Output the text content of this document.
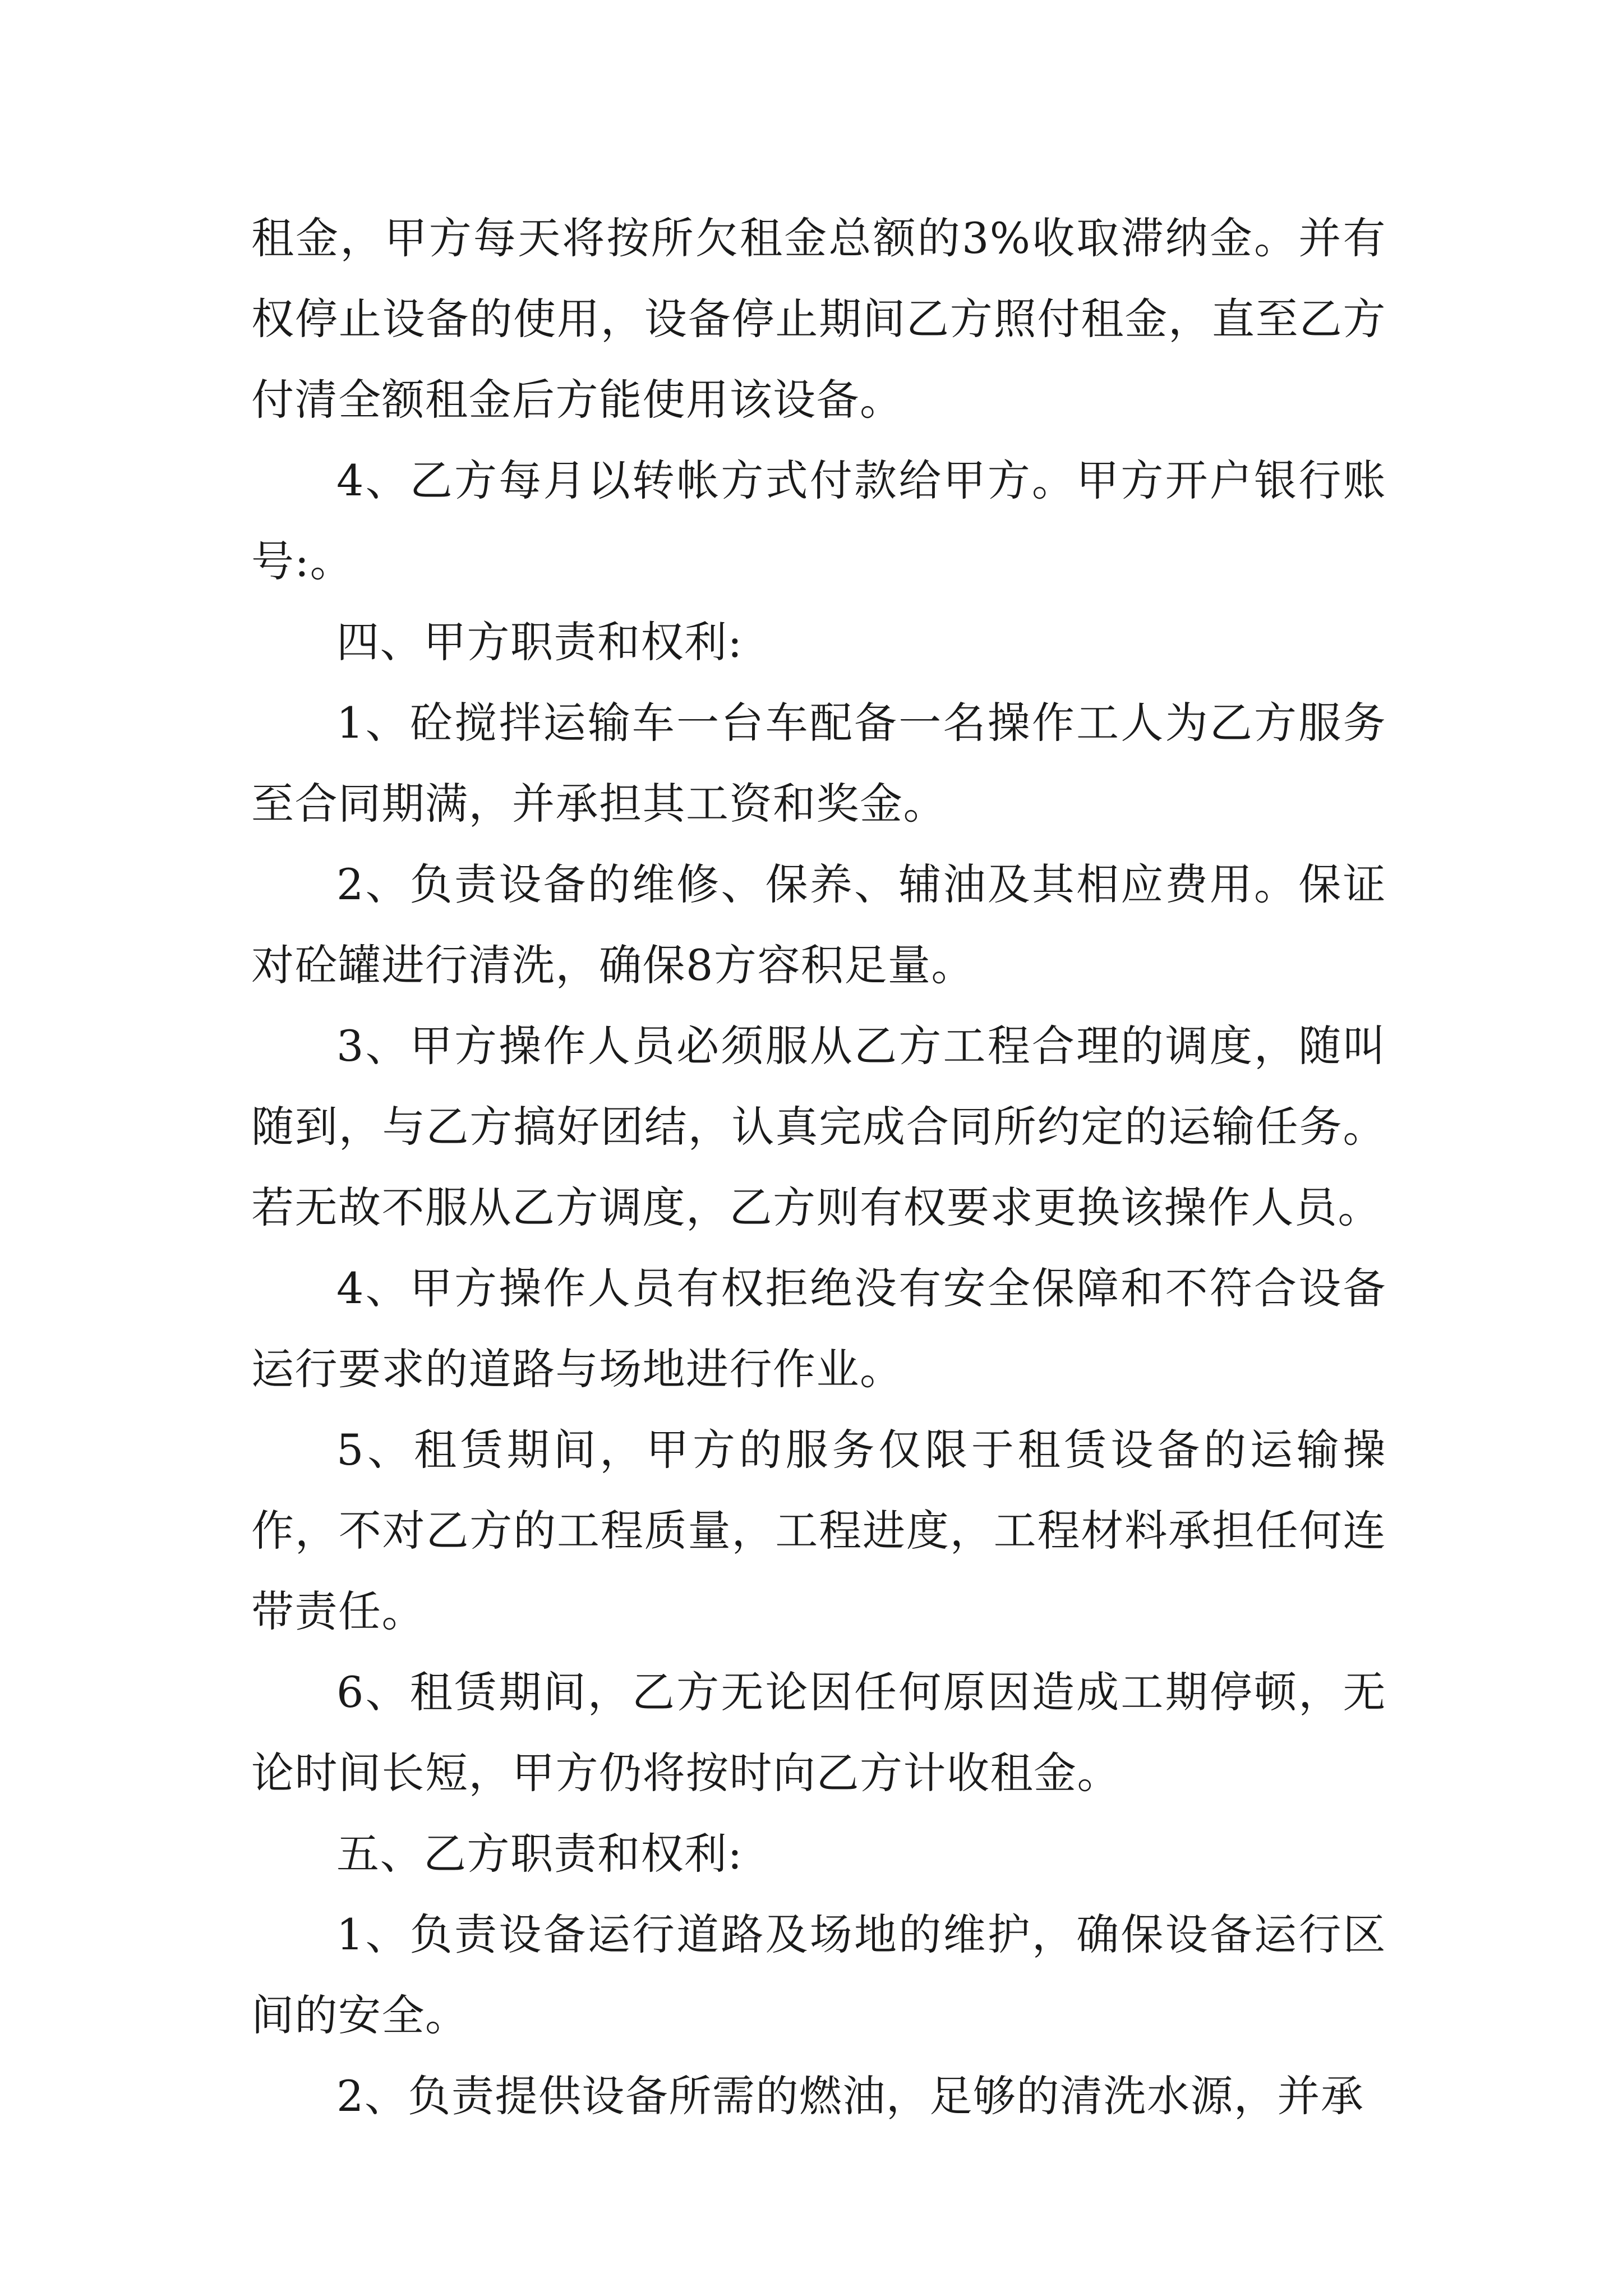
租金，甲方每天将按所欠租金总额的3%收取滞纳金。并有权停止设备的使用，设备停止期间乙方照付租金，直至乙方付清全额租金后方能使用该设备。

4、乙方每月以转帐方式付款给甲方。甲方开户银行账号:。

四、甲方职责和权利:

1、砼搅拌运输车一台车配备一名操作工人为乙方服务至合同期满，并承担其工资和奖金。

2、负责设备的维修、保养、辅油及其相应费用。保证对砼罐进行清洗，确保8方容积足量。

3、甲方操作人员必须服从乙方工程合理的调度，随叫随到，与乙方搞好团结，认真完成合同所约定的运输任务。若无故不服从乙方调度，乙方则有权要求更换该操作人员。

4、甲方操作人员有权拒绝没有安全保障和不符合设备运行要求的道路与场地进行作业。

5、租赁期间，甲方的服务仅限于租赁设备的运输操作，不对乙方的工程质量，工程进度，工程材料承担任何连带责任。

6、租赁期间，乙方无论因任何原因造成工期停顿，无论时间长短，甲方仍将按时向乙方计收租金。

五、乙方职责和权利:

1、负责设备运行道路及场地的维护，确保设备运行区间的安全。

2、负责提供设备所需的燃油，足够的清洗水源，并承
